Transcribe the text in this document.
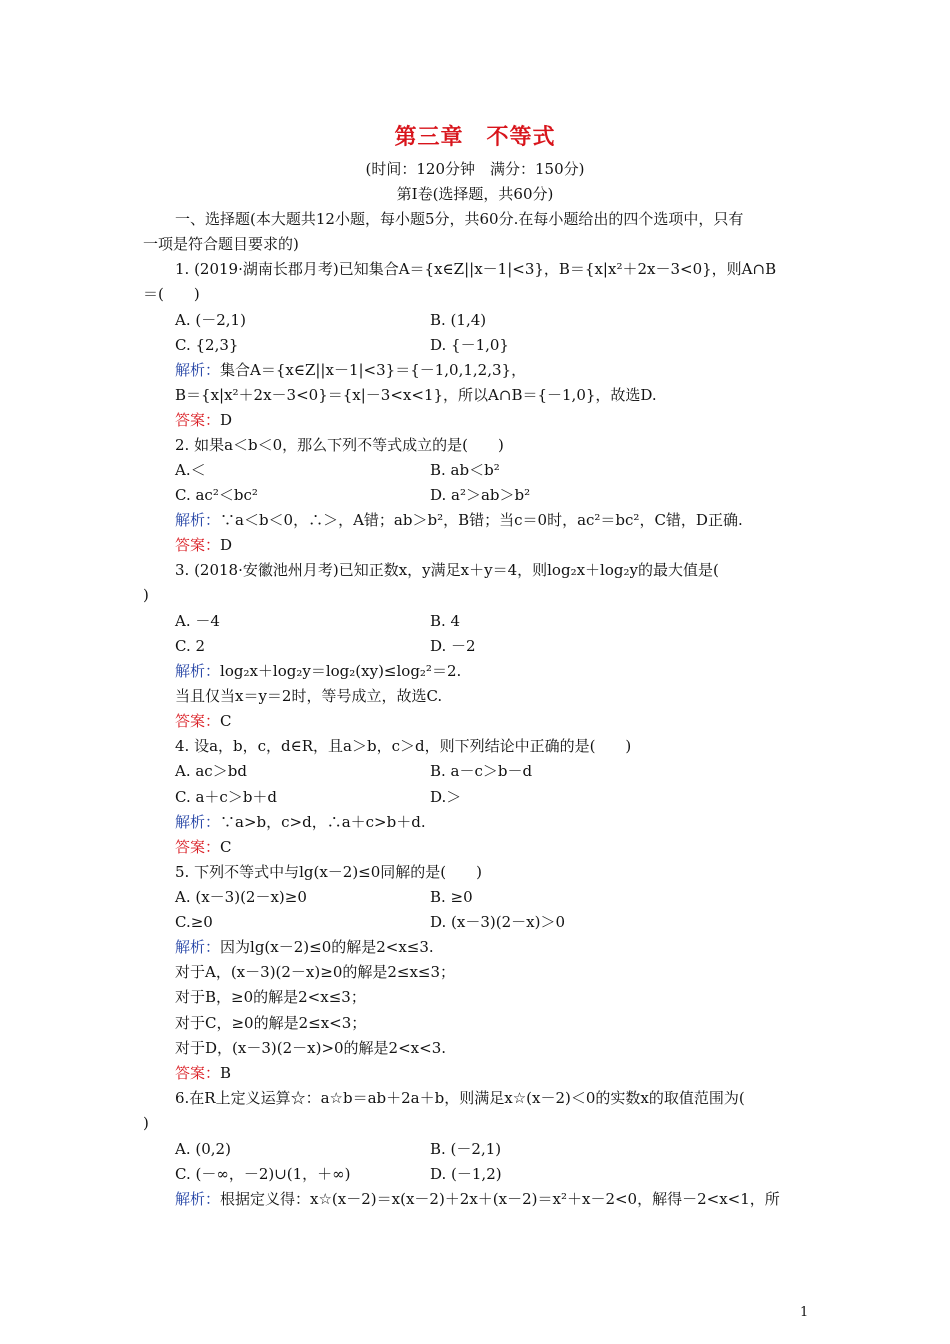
第三章　不等式
(时间：120分钟　满分：150分)
第Ⅰ卷(选择题，共60分)
一、选择题(本大题共12小题，每小题5分，共60分.在每小题给出的四个选项中，只有
一项是符合题目要求的)
1. (2019·湖南长郡月考)已知集合A＝{x∈Z||x－1|<3}，B＝{x|x²＋2x－3<0}，则A∩B
＝(　　)
A. (－2,1)	B. (1,4)
C. {2,3}	D. {－1,0}
解析：集合A＝{x∈Z||x－1|<3}＝{－1,0,1,2,3}，
B＝{x|x²＋2x－3<0}＝{x|－3<x<1}，所以A∩B＝{－1,0}，故选D.
答案：D
2. 如果a＜b＜0，那么下列不等式成立的是(　　)
A.＜	B. ab＜b²
C. ac²＜bc²	D. a²＞ab＞b²
解析：∵a＜b＜0，∴＞，A错；ab＞b²，B错；当c＝0时，ac²＝bc²，C错，D正确.
答案：D
3. (2018·安徽池州月考)已知正数x，y满足x＋y＝4，则log₂x＋log₂y的最大值是(
)
A. －4	B. 4
C. 2	D. －2
解析：log₂x＋log₂y＝log₂(xy)≤log₂²＝2.
当且仅当x＝y＝2时，等号成立，故选C.
答案：C
4. 设a，b，c，d∈R，且a＞b，c＞d，则下列结论中正确的是(　　)
A. ac＞bd	B. a－c＞b－d
C. a＋c＞b＋d	D.＞
解析：∵a>b，c>d，∴a＋c>b＋d.
答案：C
5. 下列不等式中与lg(x－2)≤0同解的是(　　)
A. (x－3)(2－x)≥0	B. ≥0
C.≥0	D. (x－3)(2－x)＞0
解析：因为lg(x－2)≤0的解是2<x≤3.
对于A，(x－3)(2－x)≥0的解是2≤x≤3；
对于B，≥0的解是2<x≤3；
对于C，≥0的解是2≤x<3；
对于D，(x－3)(2－x)>0的解是2<x<3.
答案：B
6.在R上定义运算☆：a☆b＝ab＋2a＋b，则满足x☆(x－2)＜0的实数x的取值范围为(
)
A. (0,2)	B. (－2,1)
C. (－∞，－2)∪(1，＋∞)	D. (－1,2)
解析：根据定义得：x☆(x－2)＝x(x－2)＋2x＋(x－2)＝x²＋x－2<0，解得－2<x<1，所
1
